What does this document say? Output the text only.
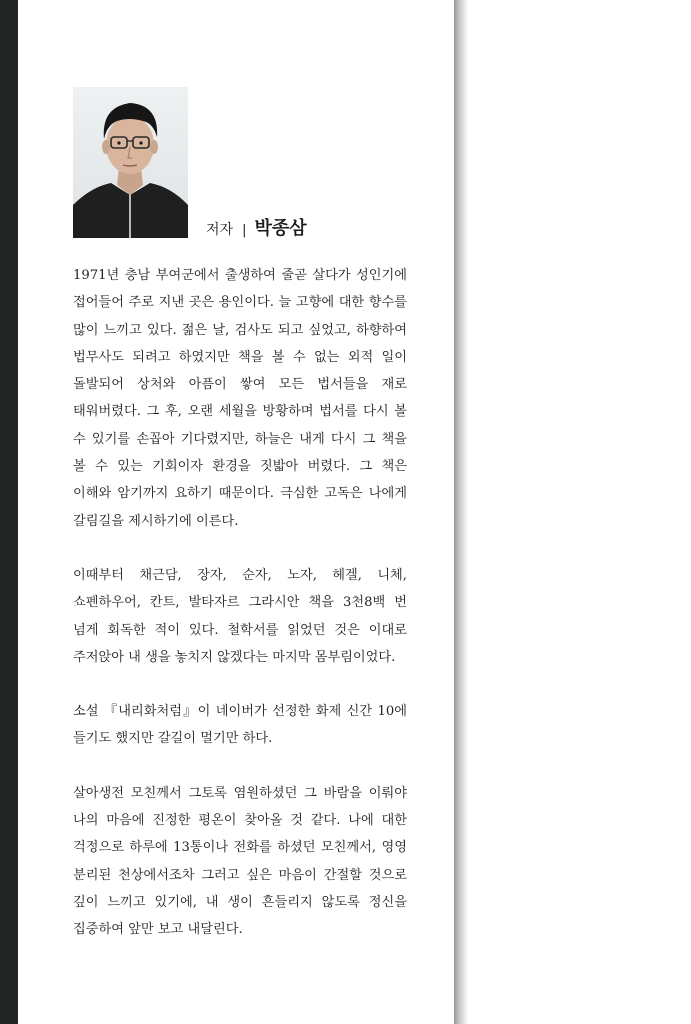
저자 | 박종삼

1971년 충남 부여군에서 출생하여 줄곧 살다가 성인기에 접어들어 주로 지낸 곳은 용인이다. 늘 고향에 대한 향수를 많이 느끼고 있다. 젊은 날, 검사도 되고 싶었고, 하향하여 법무사도 되려고 하였지만 책을 볼 수 없는 외적 일이 돌발되어 상처와 아픔이 쌓여 모든 법서들을 재로 태워버렸다. 그 후, 오랜 세월을 방황하며 법서를 다시 볼 수 있기를 손꼽아 기다렸지만, 하늘은 내게 다시 그 책을 볼 수 있는 기회이자 환경을 짓밟아 버렸다. 그 책은 이해와 암기까지 요하기 때문이다. 극심한 고독은 나에게 갈림길을 제시하기에 이른다.

이때부터 채근담, 장자, 순자, 노자, 헤겔, 니체, 쇼펜하우어, 칸트, 발타자르 그라시안 책을 3천8백 번 넘게 회독한 적이 있다. 철학서를 읽었던 것은 이대로 주저앉아 내 생을 놓치지 않겠다는 마지막 몸부림이었다.

소설 『내리화처럼』이 네이버가 선정한 화제 신간 10에 들기도 했지만 갈길이 멀기만 하다.

살아생전 모친께서 그토록 염원하셨던 그 바람을 이뤄야 나의 마음에 진정한 평온이 찾아올 것 같다. 나에 대한 걱정으로 하루에 13통이나 전화를 하셨던 모친께서, 영영 분리된 천상에서조차 그러고 싶은 마음이 간절할 것으로 깊이 느끼고 있기에, 내 생이 흔들리지 않도록 정신을 집중하여 앞만 보고 내달린다.
